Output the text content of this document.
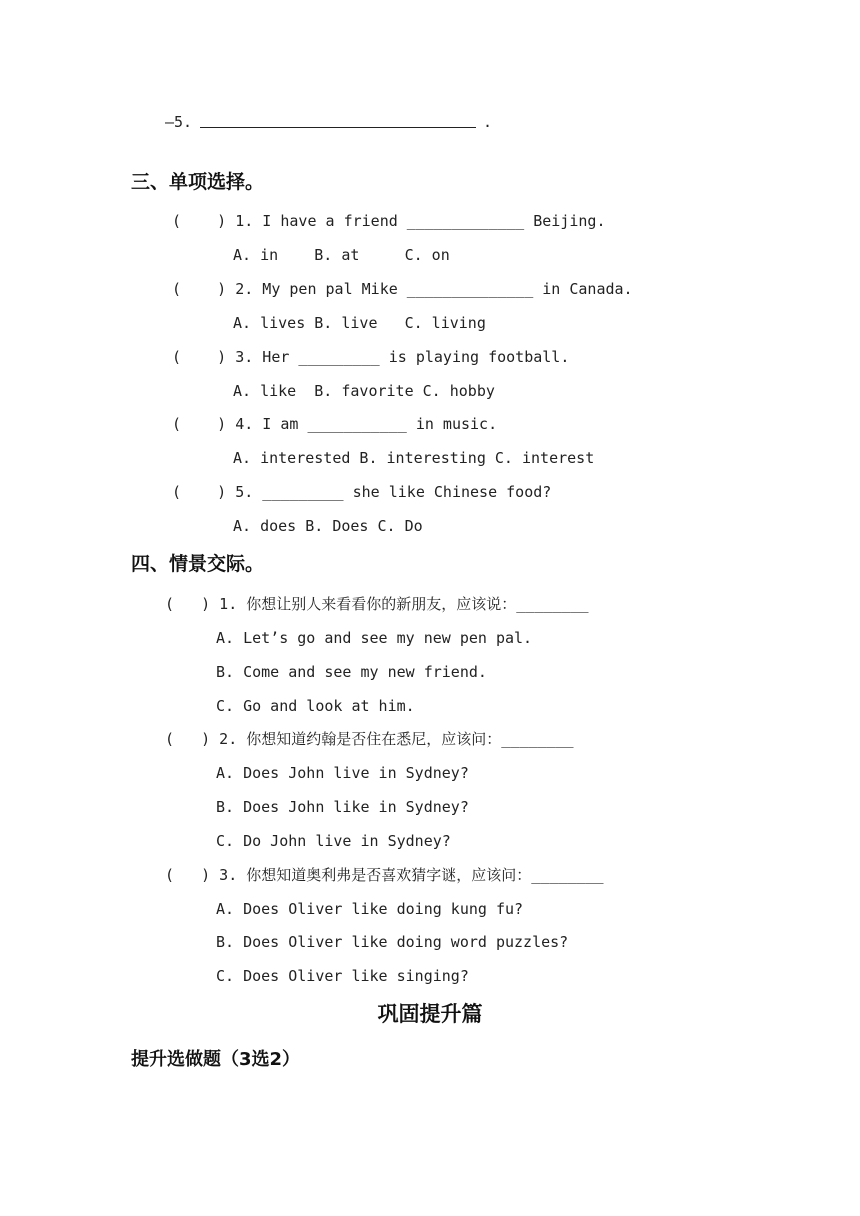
—5.	.
三、单项选择。
(    ) 1. I have a friend _____________ Beijing.
A. in    B. at     C. on
(    ) 2. My pen pal Mike ______________ in Canada.
A. lives B. live   C. living
(    ) 3. Her _________ is playing football.
A. like  B. favorite C. hobby
(    ) 4. I am ___________ in music.
A. interested B. interesting C. interest
(    ) 5. _________ she like Chinese food?
A. does B. Does C. Do
四、情景交际。
(   ) 1. 你想让别人来看看你的新朋友，应该说：________
A. Let’s go and see my new pen pal.
B. Come and see my new friend.
C. Go and look at him.
(   ) 2. 你想知道约翰是否住在悉尼，应该问：________
A. Does John live in Sydney?
B. Does John like in Sydney?
C. Do John live in Sydney?
(   ) 3. 你想知道奥利弗是否喜欢猜字谜，应该问：________
A. Does Oliver like doing kung fu?
B. Does Oliver like doing word puzzles?
C. Does Oliver like singing?
巩固提升篇
提升选做题（3选2）
